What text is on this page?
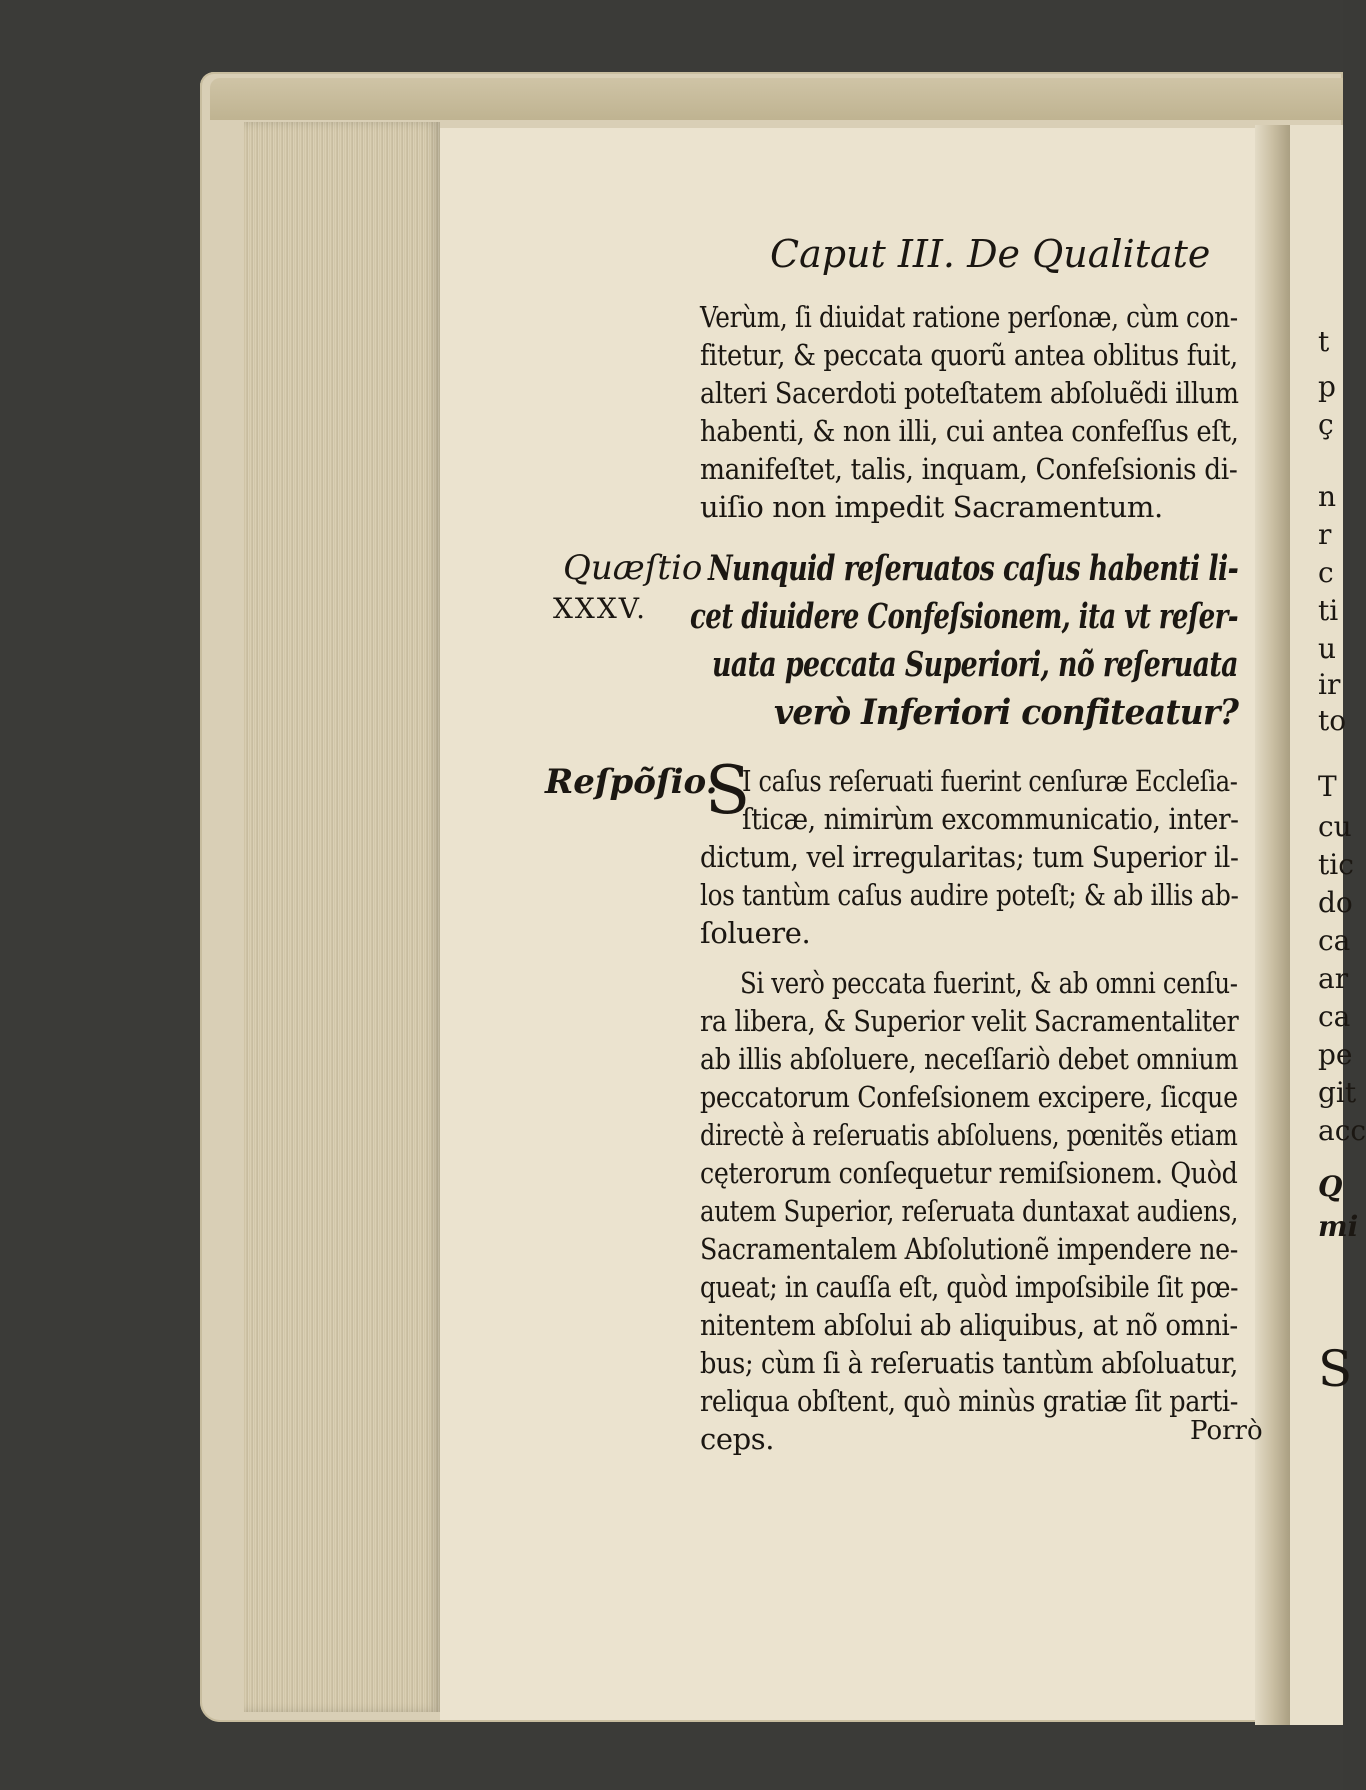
Caput III. De Qualitate
Verùm, ſi diuidat ratione perſonæ, cùm con-
fitetur, & peccata quorũ antea oblitus fuit,
alteri Sacerdoti poteſtatem abſoluẽdi illum
habenti, & non illi, cui antea confeſſus eſt,
manifeſtet, talis, inquam, Confeſsionis di-
uiſio non impedit Sacramentum.
Quæſtio
XXXV.
Nunquid reſeruatos caſus habenti li-
cet diuidere Confeſsionem, ita vt reſer-
uata peccata Superiori, nõ reſeruata
verò Inferiori confiteatur?
Reſpõſio.
S
I caſus reſeruati fuerint cenſuræ Eccleſia-
ſticæ, nimirùm excommunicatio, inter-
dictum, vel irregularitas; tum Superior il-
los tantùm caſus audire poteſt; & ab illis ab-
ſoluere.
Si verò peccata fuerint, & ab omni cenſu-
ra libera, & Superior velit Sacramentaliter
ab illis abſoluere, neceſſariò debet omnium
peccatorum Confeſsionem excipere, ſicque
directè à reſeruatis abſoluens, pœnitẽs etiam
cęterorum conſequetur remiſsionem. Quòd
autem Superior, reſeruata duntaxat audiens,
Sacramentalem Abſolutionẽ impendere ne-
queat; in cauſſa eſt, quòd impoſsibile ſit pœ-
nitentem abſolui ab aliquibus, at nõ omni-
bus; cùm ſi à reſeruatis tantùm abſoluatur,
reliqua obſtent, quò minùs gratiæ ſit parti-
ceps.	Porrò
t
p
ç
n
r
c
ti
u
ir
to
T
cu
tic
do
ca
ar
ca
pe
git
acc
Q
mi
S
